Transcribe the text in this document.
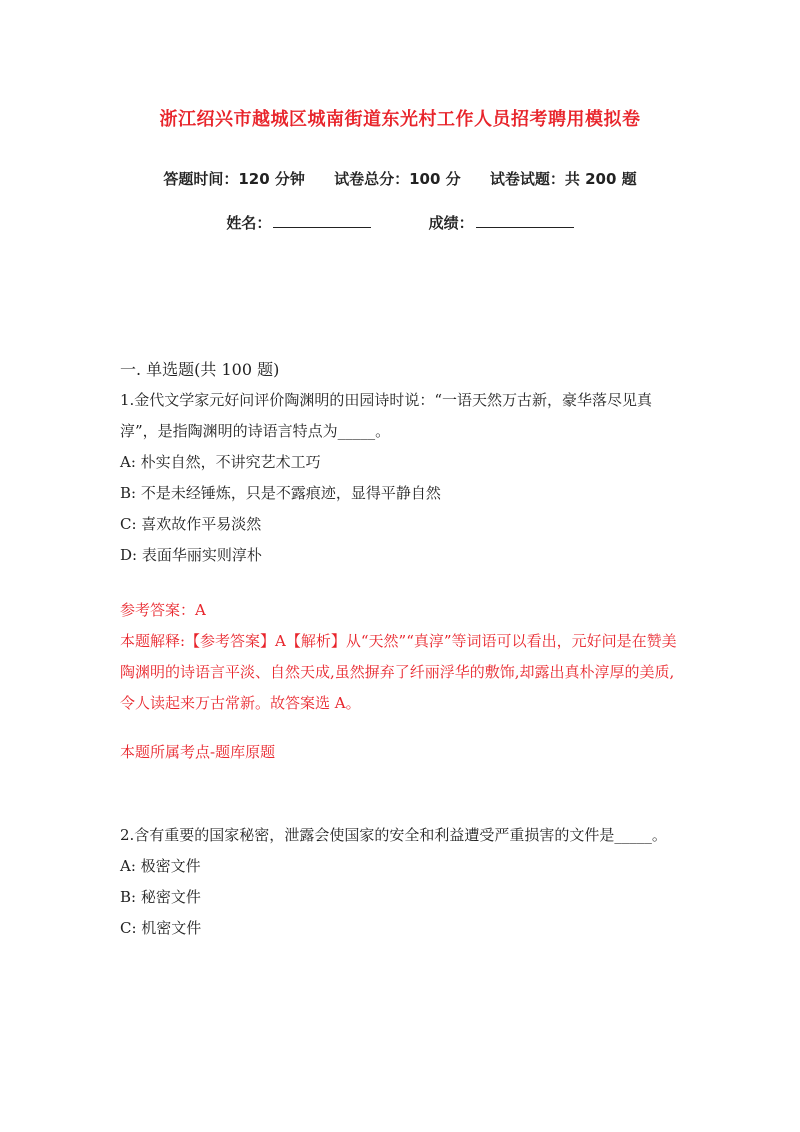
浙江绍兴市越城区城南街道东光村工作人员招考聘用模拟卷
答题时间：120 分钟 试卷总分：100 分 试卷试题：共 200 题
姓名：	成绩：
一. 单选题(共 100 题)
1.金代文学家元好问评价陶渊明的田园诗时说：“一语天然万古新，豪华落尽见真淳”，是指陶渊明的诗语言特点为_____。
A: 朴实自然，不讲究艺术工巧
B: 不是未经锤炼，只是不露痕迹，显得平静自然
C: 喜欢故作平易淡然
D: 表面华丽实则淳朴
参考答案：A
本题解释:【参考答案】A【解析】从“天然”“真淳”等词语可以看出，元好问是在赞美陶渊明的诗语言平淡、自然天成,虽然摒弃了纤丽浮华的敷饰,却露出真朴淳厚的美质,令人读起来万古常新。故答案选 A。
本题所属考点-题库原题
2.含有重要的国家秘密，泄露会使国家的安全和利益遭受严重损害的文件是_____。
A: 极密文件
B: 秘密文件
C: 机密文件
